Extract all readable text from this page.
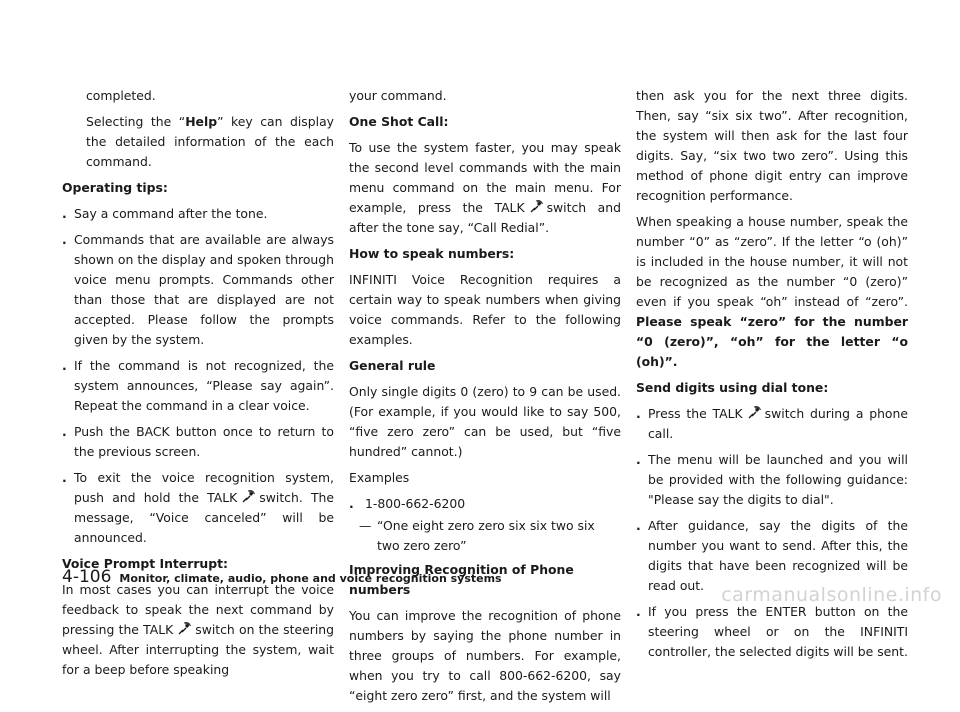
completed.

Selecting the “Help” key can display the detailed information of the each command.

Operating tips:
. Say a command after the tone.
. Commands that are available are always shown on the display and spoken through voice menu prompts. Commands other than those that are displayed are not accepted. Please follow the prompts given by the system.
. If the command is not recognized, the system announces, “Please say again”. Repeat the command in a clear voice.
. Push the BACK button once to return to the previous screen.
. To exit the voice recognition system, push and hold the TALK switch. The message, “Voice canceled” will be announced.
Voice Prompt Interrupt:

In most cases you can interrupt the voice feedback to speak the next command by pressing the TALK switch on the steering wheel. After interrupting the system, wait for a beep before speaking

your command.

One Shot Call:

To use the system faster, you may speak the second level commands with the main menu command on the main menu. For example, press the TALK switch and after the tone say, “Call Redial”.

How to speak numbers:

INFINITI Voice Recognition requires a certain way to speak numbers when giving voice commands. Refer to the following examples.

General rule

Only single digits 0 (zero) to 9 can be used. (For example, if you would like to say 500, “five zero zero” can be used, but “five hundred” cannot.)

Examples
. 1-800-662-6200
— “One eight zero zero six six two six two zero zero”
Improving Recognition of Phone numbers

You can improve the recognition of phone numbers by saying the phone number in three groups of numbers. For example, when you try to call 800-662-6200, say “eight zero zero” first, and the system will

then ask you for the next three digits. Then, say “six six two”. After recognition, the system will then ask for the last four digits. Say, “six two two zero”. Using this method of phone digit entry can improve recognition performance.

When speaking a house number, speak the number “0” as “zero”. If the letter “o (oh)” is included in the house number, it will not be recognized as the number “0 (zero)” even if you speak “oh” instead of “zero”. Please speak “zero” for the number “0 (zero)”, “oh” for the letter “o (oh)”.

Send digits using dial tone:
. Press the TALK switch during a phone call.
. The menu will be launched and you will be provided with the following guidance: "Please say the digits to dial".
. After guidance, say the digits of the number you want to send. After this, the digits that have been recognized will be read out.
. If you press the ENTER button on the steering wheel or on the INFINITI controller, the selected digits will be sent.
4-106 Monitor, climate, audio, phone and voice recognition systems
carmanualsonline.info
